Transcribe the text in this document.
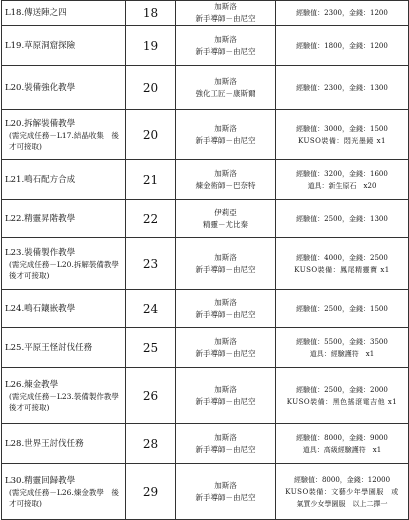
L18.傳送陣之四	18	加斯洛
新手導師－由尼空	經驗值：2300，金錢：1200

L19.草原洞窟探險	19	加斯洛
新手導師－由尼空	經驗值：1800，金錢：1200

L20.裝備強化教學	20	加斯洛
強化工匠－康斯爾	經驗值：2300，金錢：1300

L20.拆解裝備教學
(需完成任務－L17.結晶收集　後才可接取)	20	加斯洛
新手導師－由尼空	經驗值：3000，金錢：1500
KUSO裝備：悶光墨鏡 x1

L21.鳴石配方合成	21	加斯洛
煉金術師－巴奈特	經驗值：3200，金錢：1600
道具：新生原石　x20

L22.精靈昇階教學	22	伊莉亞
精靈－尤比秦	經驗值：2500，金錢：1300

L23.裝備製作教學
(需完成任務－L20.拆解裝備教學　後才可接取)	23	加斯洛
新手導師－由尼空	經驗值：4000，金錢：2500
KUSO裝備：鳳尾精靈寶 x1

L24.鳴石鑲嵌教學	24	加斯洛
新手導師－由尼空	經驗值：2500，金錢：1500

L25.平原王怪討伐任務	25	加斯洛
新手導師－由尼空	經驗值：5500，金錢：3500
道具：經驗護符　x1

L26.煉金教學
(需完成任務－L23.裝備製作教學　後才可接取)	26	加斯洛
新手導師－由尼空	經驗值：2500，金錢：2000
KUSO裝備：黑色搖滾電吉他 x1

L28.世界王討伐任務	28	加斯洛
新手導師－由尼空	經驗值：8000，金錢：9000
道具：高級經驗護符　x1

L30.精靈回歸教學
(需完成任務－L26.煉金教學　後才可接取)	29	加斯洛
新手導師－由尼空	經驗值：8000，金錢：12000
KUSO裝備：文藝少年學園服　或
氣質少女學園服　以上二擇一
